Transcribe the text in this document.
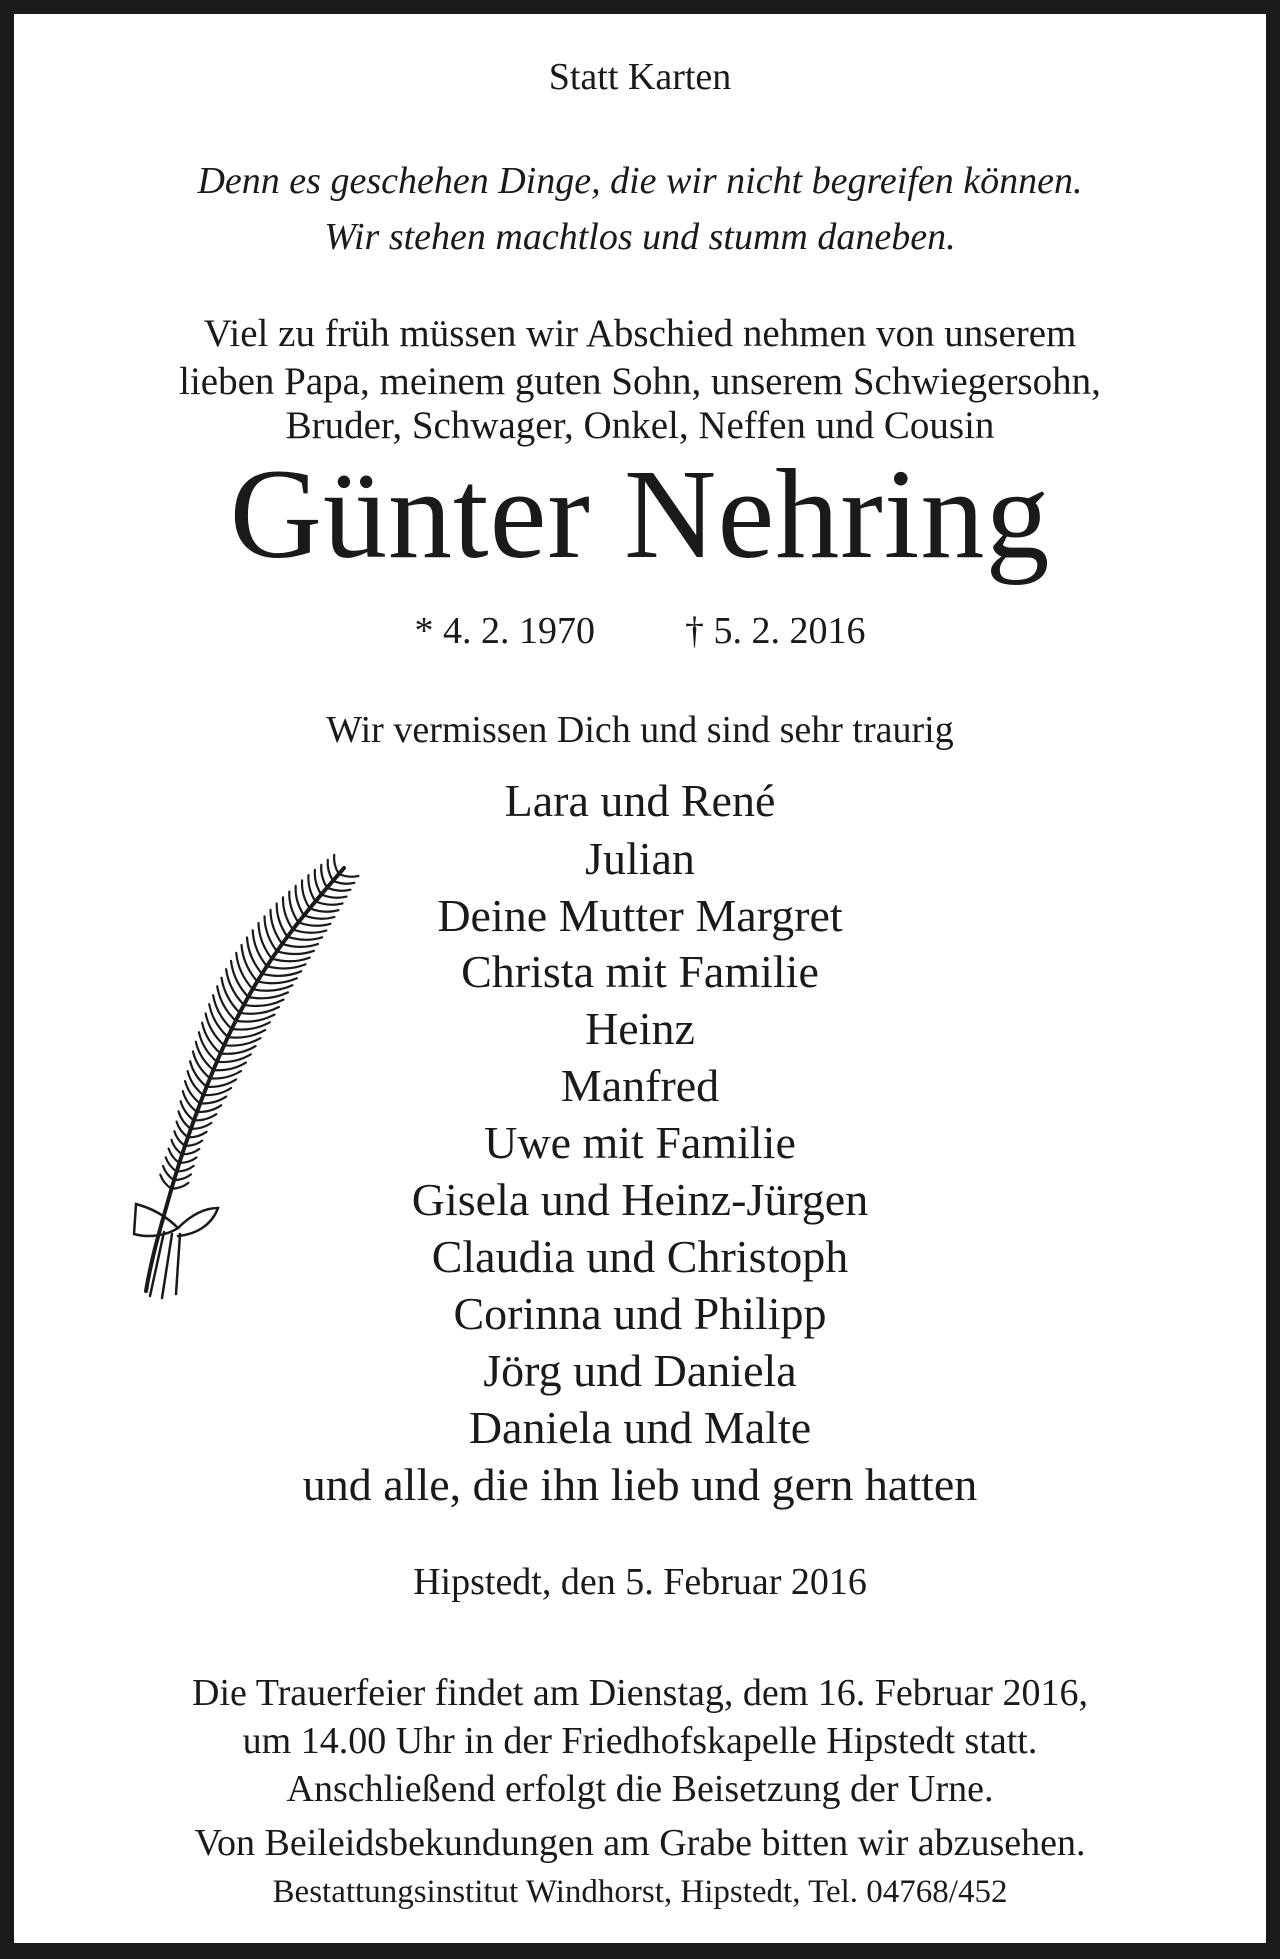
Statt Karten
Denn es geschehen Dinge, die wir nicht begreifen können.
Wir stehen machtlos und stumm daneben.
Viel zu früh müssen wir Abschied nehmen von unserem
lieben Papa, meinem guten Sohn, unserem Schwiegersohn,
Bruder, Schwager, Onkel, Neffen und Cousin
Günter Nehring
* 4. 2. 1970 † 5. 2. 2016
Wir vermissen Dich und sind sehr traurig
Lara und René
Julian
Deine Mutter Margret
Christa mit Familie
Heinz
Manfred
Uwe mit Familie
Gisela und Heinz-Jürgen
Claudia und Christoph
Corinna und Philipp
Jörg und Daniela
Daniela und Malte
und alle, die ihn lieb und gern hatten
Hipstedt, den 5. Februar 2016
Die Trauerfeier findet am Dienstag, dem 16. Februar 2016,
um 14.00 Uhr in der Friedhofskapelle Hipstedt statt.
Anschließend erfolgt die Beisetzung der Urne.
Von Beileidsbekundungen am Grabe bitten wir abzusehen.
Bestattungsinstitut Windhorst, Hipstedt, Tel. 04768/452
